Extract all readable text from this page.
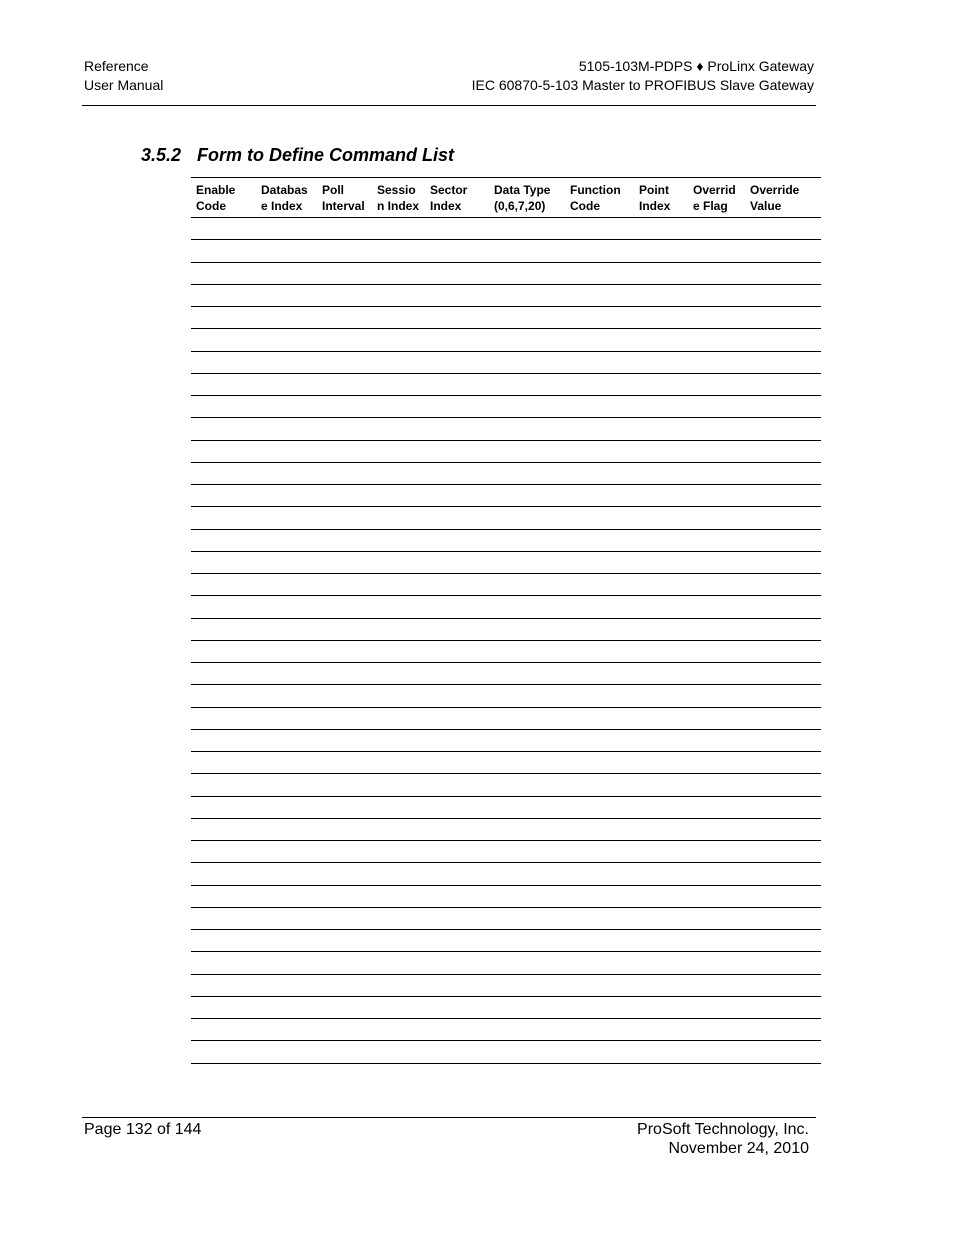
Reference
User Manual
5105-103M-PDPS ♦ ProLinx Gateway
IEC 60870-5-103 Master to PROFIBUS Slave Gateway
3.5.2 Form to Define Command List
Enable
Code
Databas
e Index
Poll
Interval
Sessio
n Index
Sector
Index
Data Type
(0,6,7,20)
Function
Code
Point
Index
Overrid
e Flag
Override
Value
Page 132 of 144	ProSoft Technology, Inc.
November 24, 2010
